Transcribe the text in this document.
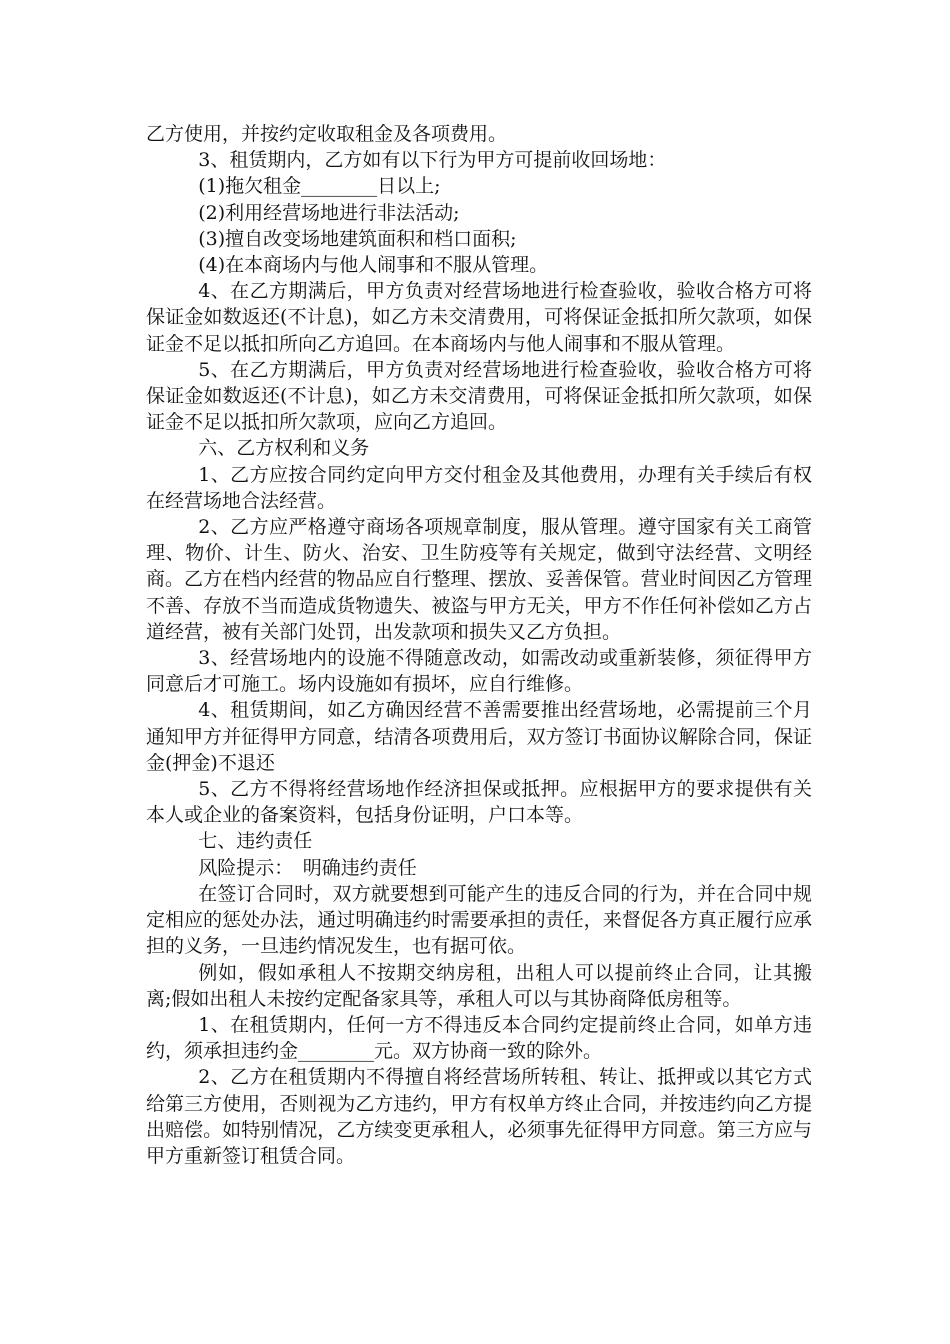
乙方使用，并按约定收取租金及各项费用。

3、租赁期内，乙方如有以下行为甲方可提前收回场地：

(1)拖欠租金________日以上;

(2)利用经营场地进行非法活动;

(3)擅自改变场地建筑面积和档口面积;

(4)在本商场内与他人闹事和不服从管理。

4、在乙方期满后，甲方负责对经营场地进行检查验收，验收合格方可将保证金如数返还(不计息)，如乙方未交清费用，可将保证金抵扣所欠款项，如保证金不足以抵扣所向乙方追回。在本商场内与他人闹事和不服从管理。

5、在乙方期满后，甲方负责对经营场地进行检查验收，验收合格方可将保证金如数返还(不计息)，如乙方未交清费用，可将保证金抵扣所欠款项，如保证金不足以抵扣所欠款项，应向乙方追回。

六、乙方权利和义务

1、乙方应按合同约定向甲方交付租金及其他费用，办理有关手续后有权在经营场地合法经营。

2、乙方应严格遵守商场各项规章制度，服从管理。遵守国家有关工商管理、物价、计生、防火、治安、卫生防疫等有关规定，做到守法经营、文明经商。乙方在档内经营的物品应自行整理、摆放、妥善保管。营业时间因乙方管理不善、存放不当而造成货物遗失、被盗与甲方无关，甲方不作任何补偿如乙方占道经营，被有关部门处罚，出发款项和损失又乙方负担。

3、经营场地内的设施不得随意改动，如需改动或重新装修，须征得甲方同意后才可施工。场内设施如有损坏，应自行维修。

4、租赁期间，如乙方确因经营不善需要推出经营场地，必需提前三个月通知甲方并征得甲方同意，结清各项费用后，双方签订书面协议解除合同，保证金(押金)不退还

5、乙方不得将经营场地作经济担保或抵押。应根据甲方的要求提供有关本人或企业的备案资料，包括身份证明，户口本等。

七、违约责任

风险提示：　明确违约责任

在签订合同时，双方就要想到可能产生的违反合同的行为，并在合同中规定相应的惩处办法，通过明确违约时需要承担的责任，来督促各方真正履行应承担的义务，一旦违约情况发生，也有据可依。

例如，假如承租人不按期交纳房租，出租人可以提前终止合同，让其搬离;假如出租人未按约定配备家具等，承租人可以与其协商降低房租等。

1、在租赁期内，任何一方不得违反本合同约定提前终止合同，如单方违约，须承担违约金________元。双方协商一致的除外。

2、乙方在租赁期内不得擅自将经营场所转租、转让、抵押或以其它方式给第三方使用，否则视为乙方违约，甲方有权单方终止合同，并按违约向乙方提出赔偿。如特别情况，乙方续变更承租人，必须事先征得甲方同意。第三方应与甲方重新签订租赁合同。
